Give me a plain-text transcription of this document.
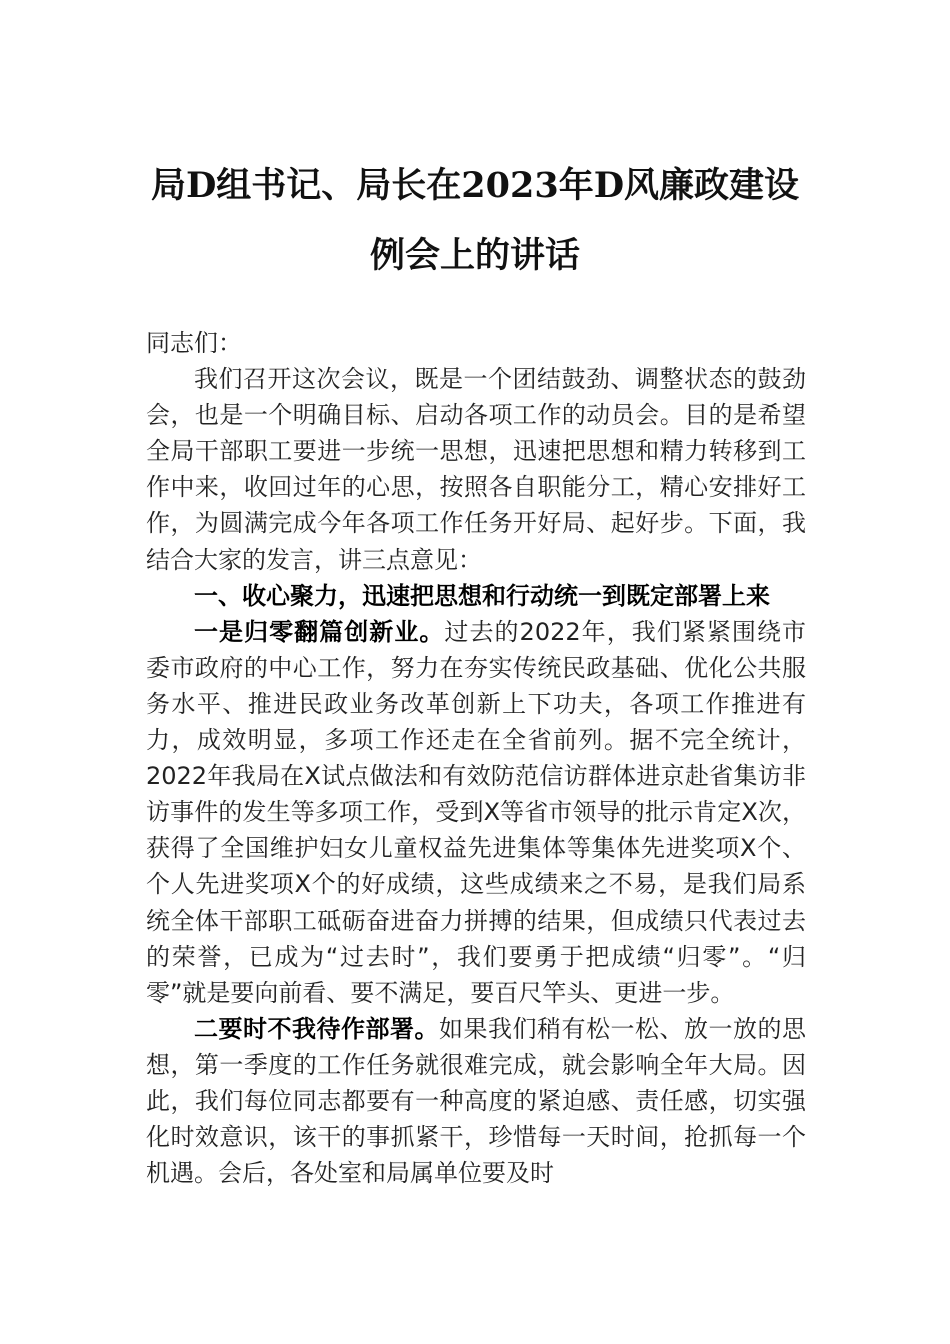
局D组书记、局长在2023年D风廉政建设
例会上的讲话

同志们：

我们召开这次会议，既是一个团结鼓劲、调整状态的鼓劲会，也是一个明确目标、启动各项工作的动员会。目的是希望全局干部职工要进一步统一思想，迅速把思想和精力转移到工作中来，收回过年的心思，按照各自职能分工，精心安排好工作，为圆满完成今年各项工作任务开好局、起好步。下面，我结合大家的发言，讲三点意见：

一、收心聚力，迅速把思想和行动统一到既定部署上来

一是归零翻篇创新业。过去的2022年，我们紧紧围绕市委市政府的中心工作，努力在夯实传统民政基础、优化公共服务水平、推进民政业务改革创新上下功夫，各项工作推进有力，成效明显，多项工作还走在全省前列。据不完全统计，2022年我局在X试点做法和有效防范信访群体进京赴省集访非访事件的发生等多项工作，受到X等省市领导的批示肯定X次，获得了全国维护妇女儿童权益先进集体等集体先进奖项X个、个人先进奖项X个的好成绩，这些成绩来之不易，是我们局系统全体干部职工砥砺奋进奋力拼搏的结果，但成绩只代表过去的荣誉，已成为“过去时”，我们要勇于把成绩“归零”。“归零”就是要向前看、要不满足，要百尺竿头、更进一步。

二要时不我待作部署。如果我们稍有松一松、放一放的思想，第一季度的工作任务就很难完成，就会影响全年大局。因此，我们每位同志都要有一种高度的紧迫感、责任感，切实强化时效意识，该干的事抓紧干，珍惜每一天时间，抢抓每一个机遇。会后，各处室和局属单位要及时
